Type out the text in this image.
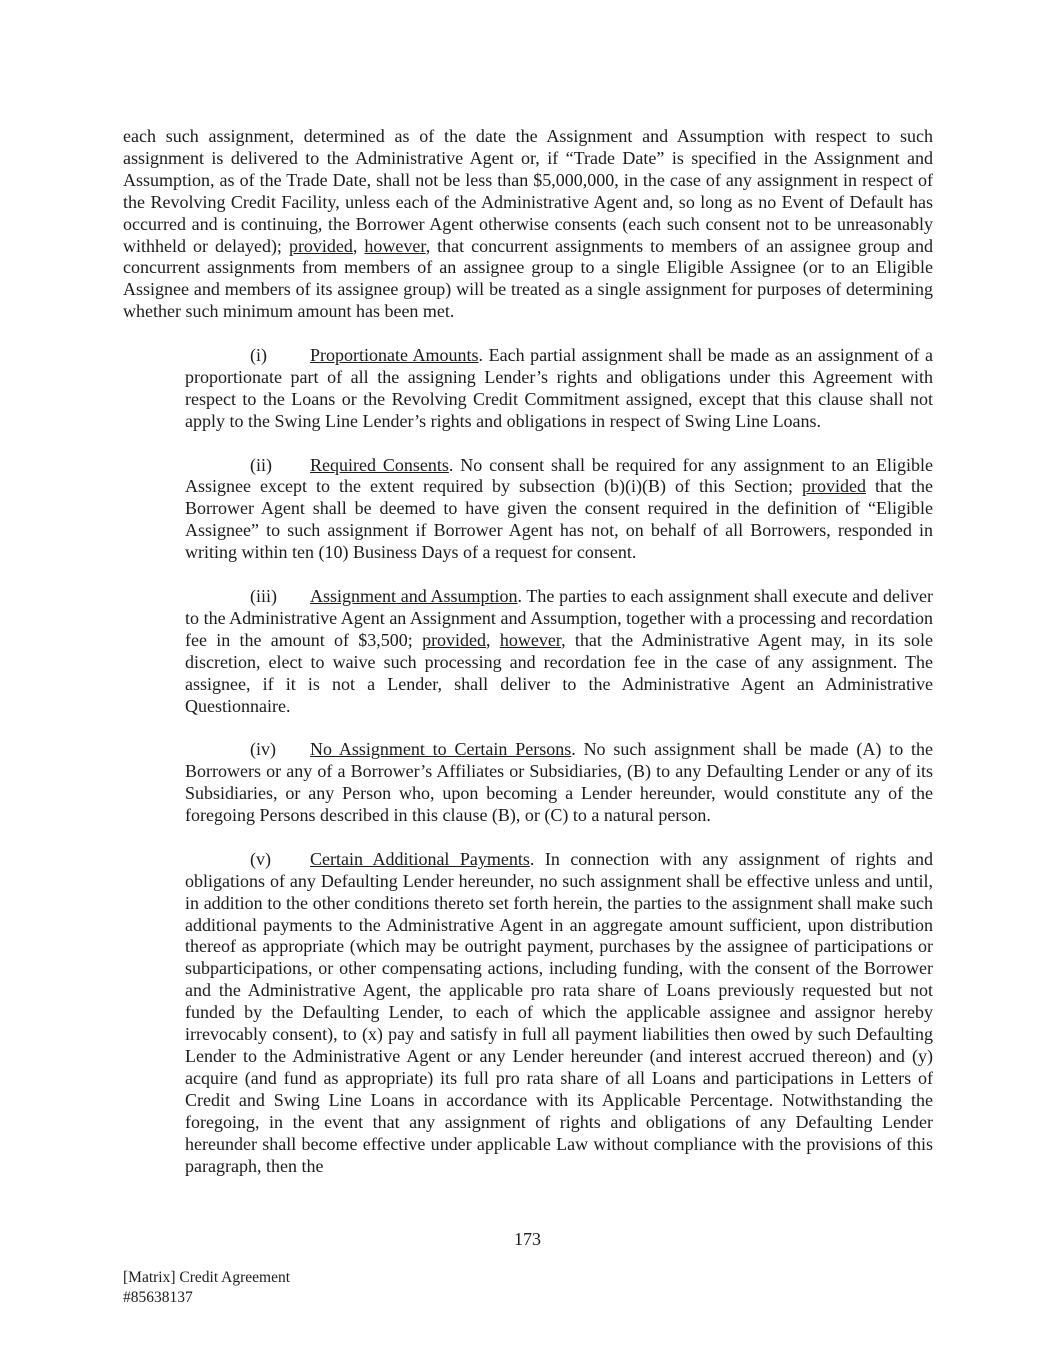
each such assignment, determined as of the date the Assignment and Assumption with respect to such assignment is delivered to the Administrative Agent or, if “Trade Date” is specified in the Assignment and Assumption, as of the Trade Date, shall not be less than $5,000,000, in the case of any assignment in respect of the Revolving Credit Facility, unless each of the Administrative Agent and, so long as no Event of Default has occurred and is continuing, the Borrower Agent otherwise consents (each such consent not to be unreasonably withheld or delayed); provided, however, that concurrent assignments to members of an assignee group and concurrent assignments from members of an assignee group to a single Eligible Assignee (or to an Eligible Assignee and members of its assignee group) will be treated as a single assignment for purposes of determining whether such minimum amount has been met.

(i) Proportionate Amounts. Each partial assignment shall be made as an assignment of a proportionate part of all the assigning Lender’s rights and obligations under this Agreement with respect to the Loans or the Revolving Credit Commitment assigned, except that this clause shall not apply to the Swing Line Lender’s rights and obligations in respect of Swing Line Loans.

(ii) Required Consents. No consent shall be required for any assignment to an Eligible Assignee except to the extent required by subsection (b)(i)(B) of this Section; provided that the Borrower Agent shall be deemed to have given the consent required in the definition of “Eligible Assignee” to such assignment if Borrower Agent has not, on behalf of all Borrowers, responded in writing within ten (10) Business Days of a request for consent.

(iii) Assignment and Assumption. The parties to each assignment shall execute and deliver to the Administrative Agent an Assignment and Assumption, together with a processing and recordation fee in the amount of $3,500; provided, however, that the Administrative Agent may, in its sole discretion, elect to waive such processing and recordation fee in the case of any assignment. The assignee, if it is not a Lender, shall deliver to the Administrative Agent an Administrative Questionnaire.

(iv) No Assignment to Certain Persons. No such assignment shall be made (A) to the Borrowers or any of a Borrower’s Affiliates or Subsidiaries, (B) to any Defaulting Lender or any of its Subsidiaries, or any Person who, upon becoming a Lender hereunder, would constitute any of the foregoing Persons described in this clause (B), or (C) to a natural person.

(v) Certain Additional Payments. In connection with any assignment of rights and obligations of any Defaulting Lender hereunder, no such assignment shall be effective unless and until, in addition to the other conditions thereto set forth herein, the parties to the assignment shall make such additional payments to the Administrative Agent in an aggregate amount sufficient, upon distribution thereof as appropriate (which may be outright payment, purchases by the assignee of participations or subparticipations, or other compensating actions, including funding, with the consent of the Borrower and the Administrative Agent, the applicable pro rata share of Loans previously requested but not funded by the Defaulting Lender, to each of which the applicable assignee and assignor hereby irrevocably consent), to (x) pay and satisfy in full all payment liabilities then owed by such Defaulting Lender to the Administrative Agent or any Lender hereunder (and interest accrued thereon) and (y) acquire (and fund as appropriate) its full pro rata share of all Loans and participations in Letters of Credit and Swing Line Loans in accordance with its Applicable Percentage. Notwithstanding the foregoing, in the event that any assignment of rights and obligations of any Defaulting Lender hereunder shall become effective under applicable Law without compliance with the provisions of this paragraph, then the

173
[Matrix] Credit Agreement
#85638137
